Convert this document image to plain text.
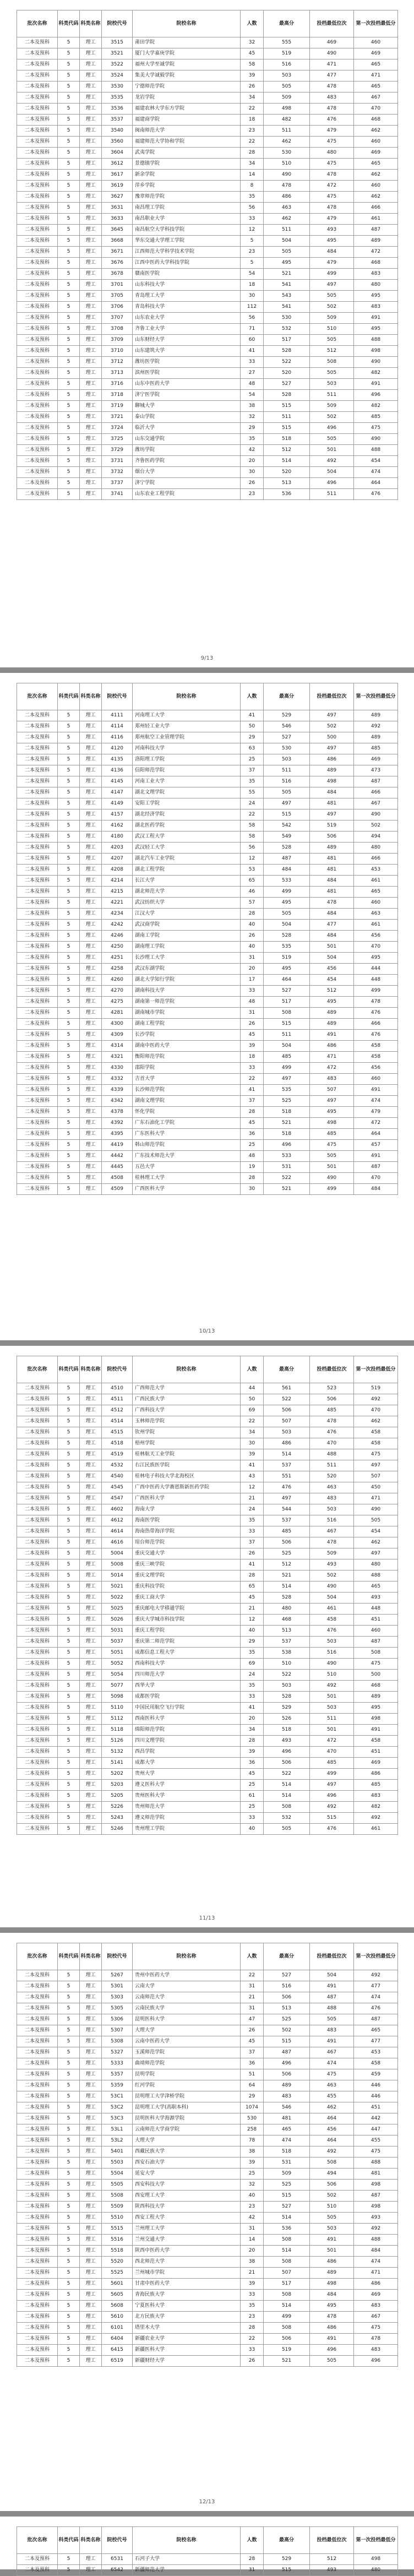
9/13
10/13
11/13
12/13
批次名称	科类代码	科类名称	院校代号	院校名称	人数	最高分	投档最低位次	第一次投档最低分
二本及预科	5	理工	3515	莆田学院	32	555	469	460
二本及预科	5	理工	3521	厦门大学嘉庚学院	45	519	490	469
二本及预科	5	理工	3522	福州大学至诚学院	58	516	471	465
二本及预科	5	理工	3524	集美大学诚毅学院	39	503	477	471
二本及预科	5	理工	3530	宁德师范学院	26	505	478	465
二本及预科	5	理工	3535	龙岩学院	34	509	483	467
二本及预科	5	理工	3536	福建农林大学东方学院	22	498	478	470
二本及预科	5	理工	3537	福建商学院	18	482	476	468
二本及预科	5	理工	3540	闽南师范大学	23	511	479	462
二本及预科	5	理工	3560	福建师范大学协和学院	22	462	475	460
二本及预科	5	理工	3604	武夷学院	28	530	480	469
二本及预科	5	理工	3612	景德镇学院	34	510	475	465
二本及预科	5	理工	3617	新余学院	14	490	478	462
二本及预科	5	理工	3619	萍乡学院	8	478	472	460
二本及预科	5	理工	3627	豫章师范学院	35	486	475	462
二本及预科	5	理工	3631	南昌理工学院	56	463	478	466
二本及预科	5	理工	3633	南昌职业大学	33	462	479	461
二本及预科	5	理工	3645	南昌航空大学科技学院	12	511	493	487
二本及预科	5	理工	3668	华东交通大学理工学院	5	504	495	489
二本及预科	5	理工	3671	江西师范大学科学技术学院	23	505	484	472
二本及预科	5	理工	3676	江西中医药大学科技学院	5	495	479	468
二本及预科	5	理工	3678	赣南医学院	54	521	499	483
二本及预科	5	理工	3701	山东科技大学	18	541	497	480
二本及预科	5	理工	3705	青岛理工大学	30	543	505	495
二本及预科	5	理工	3706	青岛科技大学	112	541	502	483
二本及预科	5	理工	3707	山东农业大学	56	530	509	491
二本及预科	5	理工	3708	齐鲁工业大学	71	532	510	495
二本及预科	5	理工	3709	山东财经大学	60	517	505	488
二本及预科	5	理工	3710	山东建筑大学	41	528	512	498
二本及预科	5	理工	3712	潍坊医学院	33	522	508	490
二本及预科	5	理工	3713	滨州医学院	27	520	505	482
二本及预科	5	理工	3716	山东中医药大学	48	527	503	491
二本及预科	5	理工	3718	济宁医学院	54	528	511	496
二本及预科	5	理工	3719	聊城大学	38	515	509	482
二本及预科	5	理工	3721	泰山学院	32	511	502	485
二本及预科	5	理工	3724	临沂大学	29	515	496	475
二本及预科	5	理工	3725	山东交通学院	35	518	505	490
二本及预科	5	理工	3729	潍坊学院	42	512	501	488
二本及预科	5	理工	3731	齐鲁医药学院	20	514	492	454
二本及预科	5	理工	3732	烟台大学	30	520	504	474
二本及预科	5	理工	3737	济宁学院	26	513	496	464
二本及预科	5	理工	3741	山东农业工程学院	23	536	511	476
批次名称	科类代码	科类名称	院校代号	院校名称	人数	最高分	投档最低位次	第一次投档最低分
二本及预科	5	理工	4111	河南理工大学	41	529	497	489
二本及预科	5	理工	4114	郑州轻工业大学	50	546	502	492
二本及预科	5	理工	4116	郑州航空工业管理学院	29	527	500	489
二本及预科	5	理工	4120	河南科技大学	63	530	497	485
二本及预科	5	理工	4135	洛阳理工学院	25	503	486	469
二本及预科	5	理工	4136	信阳师范学院	37	511	489	473
二本及预科	5	理工	4145	河南工业大学	35	516	498	487
二本及预科	5	理工	4147	湖北文理学院	55	505	484	466
二本及预科	5	理工	4149	安阳工学院	24	497	481	467
二本及预科	5	理工	4157	湖北经济学院	22	515	497	490
二本及预科	5	理工	4162	湖北医药学院	58	542	519	502
二本及预科	5	理工	4180	武汉工程大学	58	549	506	494
二本及预科	5	理工	4203	武汉轻工大学	56	528	489	480
二本及预科	5	理工	4207	湖北汽车工业学院	12	487	481	466
二本及预科	5	理工	4208	湖北工程学院	53	484	481	453
二本及预科	5	理工	4214	长江大学	65	533	484	461
二本及预科	5	理工	4215	湖北师范大学	46	499	481	465
二本及预科	5	理工	4221	武汉纺织大学	57	495	478	460
二本及预科	5	理工	4234	江汉大学	28	505	484	463
二本及预科	5	理工	4242	武汉商学院	40	504	477	461
二本及预科	5	理工	4246	湖南工学院	26	528	484	456
二本及预科	5	理工	4250	湖南理工学院	40	535	501	470
二本及预科	5	理工	4251	长沙理工大学	31	519	504	495
二本及预科	5	理工	4258	武汉东湖学院	20	495	456	444
二本及预科	5	理工	4260	湖北大学知行学院	17	464	454	448
二本及预科	5	理工	4270	湖南科技大学	33	527	512	499
二本及预科	5	理工	4275	湖南第一师范学院	48	517	495	478
二本及预科	5	理工	4281	湖南城市学院	31	508	489	476
二本及预科	5	理工	4300	湖南工程学院	26	515	489	466
二本及预科	5	理工	4309	长沙学院	45	511	491	476
二本及预科	5	理工	4314	湖南中医药大学	39	504	486	458
二本及预科	5	理工	4321	衡阳师范学院	18	485	471	458
二本及预科	5	理工	4330	邵阳学院	33	499	472	456
二本及预科	5	理工	4332	吉首大学	22	497	483	460
二本及预科	5	理工	4339	长沙师范学院	41	535	507	491
二本及预科	5	理工	4342	湖南文理学院	37	525	497	474
二本及预科	5	理工	4378	怀化学院	28	518	495	479
二本及预科	5	理工	4392	广东石油化工学院	45	521	498	472
二本及预科	5	理工	4395	广东医科大学	36	518	485	464
二本及预科	5	理工	4419	韩山师范学院	25	496	475	457
二本及预科	5	理工	4442	广东技术师范大学	48	533	505	491
二本及预科	5	理工	4445	五邑大学	19	531	501	487
二本及预科	5	理工	4508	桂林理工大学	28	522	490	470
二本及预科	5	理工	4509	广西医科大学	30	521	499	484
批次名称	科类代码	科类名称	院校代号	院校名称	人数	最高分	投档最低位次	第一次投档最低分
二本及预科	5	理工	4510	广西师范大学	44	561	523	519
二本及预科	5	理工	4511	广西民族大学	50	522	506	492
二本及预科	5	理工	4512	广西科技大学	69	506	485	470
二本及预科	5	理工	4514	玉林师范学院	22	507	478	462
二本及预科	5	理工	4515	钦州学院	34	503	476	458
二本及预科	5	理工	4518	梧州学院	30	486	470	458
二本及预科	5	理工	4519	桂林航天工业学院	39	514	488	475
二本及预科	5	理工	4532	右江民族医学院	41	537	511	497
二本及预科	5	理工	4540	桂林电子科技大学北海校区	43	551	520	507
二本及预科	5	理工	4545	广西中医药大学赛恩斯新医药学院	12	476	463	450
二本及预科	5	理工	4547	广西医科大学	21	497	483	471
二本及预科	5	理工	4602	海南大学	24	544	503	490
二本及预科	5	理工	4612	海南医学院	35	537	516	505
二本及预科	5	理工	4614	海南热带海洋学院	33	485	467	454
二本及预科	5	理工	4616	琼台师范学院	37	506	478	462
二本及预科	5	理工	5004	重庆交通大学	26	525	509	497
二本及预科	5	理工	5008	重庆三峡学院	41	512	493	480
二本及预科	5	理工	5014	重庆文理学院	28	521	502	488
二本及预科	5	理工	5021	重庆科技学院	65	514	490	465
二本及预科	5	理工	5022	重庆工商大学	45	528	504	493
二本及预科	5	理工	5025	重庆邮电大学移通学院	21	480	461	448
二本及预科	5	理工	5026	重庆大学城市科技学院	12	468	458	451
二本及预科	5	理工	5031	重庆工程学院	40	513	476	460
二本及预科	5	理工	5037	重庆第二师范学院	29	537	503	487
二本及预科	5	理工	5051	成都信息工程大学	35	538	516	508
二本及预科	5	理工	5052	西南科技大学	69	510	490	475
二本及预科	5	理工	5054	四川师范大学	24	522	510	500
二本及预科	5	理工	5077	西华大学	35	503	492	468
二本及预科	5	理工	5098	成都医学院	33	528	501	489
二本及预科	5	理工	5110	中国民用航空飞行学院	41	529	503	495
二本及预科	5	理工	5112	西南医科大学	20	526	511	498
二本及预科	5	理工	5118	绵阳师范学院	34	518	501	491
二本及预科	5	理工	5126	四川文理学院	28	493	472	458
二本及预科	5	理工	5132	西昌学院	39	496	470	451
二本及预科	5	理工	5141	成都大学	36	506	485	469
二本及预科	5	理工	5202	贵州大学	45	522	499	486
二本及预科	5	理工	5203	遵义医科大学	25	514	497	485
二本及预科	5	理工	5205	贵州医科大学	61	514	496	483
二本及预科	5	理工	5226	贵州师范大学	25	508	492	482
二本及预科	5	理工	5243	遵义师范学院	33	532	515	492
二本及预科	5	理工	5246	贵州理工学院	40	505	476	461
批次名称	科类代码	科类名称	院校代号	院校名称	人数	最高分	投档最低位次	第一次投档最低分
二本及预科	5	理工	5267	贵州中医药大学	22	527	504	492
二本及预科	5	理工	5301	云南大学	31	516	491	477
二本及预科	5	理工	5303	云南师范大学	21	506	487	474
二本及预科	5	理工	5305	云南民族大学	31	513	488	476
二本及预科	5	理工	5306	昆明医科大学	47	525	505	487
二本及预科	5	理工	5307	大理大学	26	502	483	465
二本及预科	5	理工	5308	云南中医药大学	45	515	491	477
二本及预科	5	理工	5327	玉溪师范学院	37	487	467	453
二本及预科	5	理工	5333	曲靖师范学院	36	496	474	458
二本及预科	5	理工	5357	昆明学院	51	506	475	459
二本及预科	5	理工	5359	红河学院	64	489	463	446
二本及预科	5	理工	53C1	昆明理工大学津桥学院	29	483	455	446
二本及预科	5	理工	53C2	昆明理工大学(高职本科)	1074	546	462	451
二本及预科	5	理工	53C3	昆明医科大学海源学院	530	481	464	442
二本及预科	5	理工	53L1	云南师范大学商学院	258	465	456	447
二本及预科	5	理工	53L2	大理大学	78	474	464	455
二本及预科	5	理工	5401	西藏民族大学	38	518	492	475
二本及预科	5	理工	5503	西安石油大学	39	531	508	488
二本及预科	5	理工	5504	延安大学	25	509	494	481
二本及预科	5	理工	5505	西安科技大学	32	525	506	498
二本及预科	5	理工	5508	西安理工大学	40	515	502	487
二本及预科	5	理工	5509	陕西科技大学	23	527	510	498
二本及预科	5	理工	5510	西安工程大学	42	514	505	493
二本及预科	5	理工	5515	兰州理工大学	31	536	503	492
二本及预科	5	理工	5516	兰州交通大学	14	508	491	488
二本及预科	5	理工	5518	陕西中医药大学	20	514	501	484
二本及预科	5	理工	5520	西北师范大学	38	508	486	474
二本及预科	5	理工	5525	兰州城市学院	21	507	489	471
二本及预科	5	理工	5601	甘肃中医药大学	39	517	498	486
二本及预科	5	理工	5605	青海民族大学	33	508	484	469
二本及预科	5	理工	5608	宁夏医科大学	35	514	495	483
二本及预科	5	理工	5610	北方民族大学	23	499	478	467
二本及预科	5	理工	6101	塔里木大学	28	508	486	475
二本及预科	5	理工	6404	新疆农业大学	22	506	491	478
二本及预科	5	理工	6415	新疆医科大学	33	519	496	483
二本及预科	5	理工	6519	新疆财经大学	26	521	505	496
批次名称	科类代码	科类名称	院校代号	院校名称	人数	最高分	投档最低位次	第一次投档最低分
二本及预科	5	理工	6531	石河子大学	28	529	512	498
二本及预科	5	理工	6542	新疆师范大学	31	515	493	480
